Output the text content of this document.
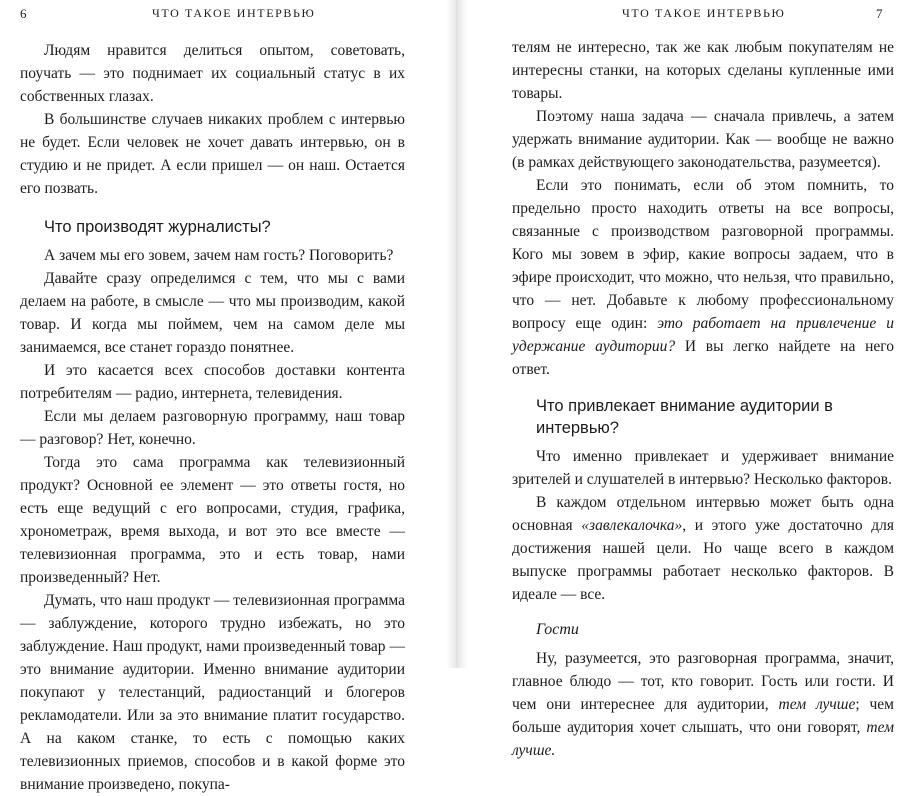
6	ЧТО ТАКОЕ ИНТЕРВЬЮ

Людям нравится делиться опытом, советовать, поучать — это поднимает их социальный статус в их собственных глазах.

В большинстве случаев никаких проблем с интервью не будет. Если человек не хочет давать интервью, он в студию и не придет. А если пришел — он наш. Остается его позвать.

Что производят журналисты?

А зачем мы его зовем, зачем нам гость? Поговорить?

Давайте сразу определимся с тем, что мы с вами делаем на работе, в смысле — что мы производим, какой товар. И когда мы поймем, чем на самом деле мы занимаемся, все станет гораздо понятнее.

И это касается всех способов доставки контента потребителям — радио, интернета, телевидения.

Если мы делаем разговорную программу, наш товар — разговор? Нет, конечно.

Тогда это сама программа как телевизионный продукт? Основной ее элемент — это ответы гостя, но есть еще ведущий с его вопросами, студия, графика, хронометраж, время выхода, и вот это все вместе — телевизионная программа, это и есть товар, нами произведенный? Нет.

Думать, что наш продукт — телевизионная программа — заблуждение, которого трудно избежать, но это заблуждение. Наш продукт, нами произведенный товар — это внимание аудитории. Именно внимание аудитории покупают у телестанций, радиостанций и блогеров рекламодатели. Или за это внимание платит государство. А на каком станке, то есть с помощью каких телевизионных приемов, способов и в какой форме это внимание произведено, покупа-

ЧТО ТАКОЕ ИНТЕРВЬЮ	7

телям не интересно, так же как любым покупателям не интересны станки, на которых сделаны купленные ими товары.

Поэтому наша задача — сначала привлечь, а затем удержать внимание аудитории. Как — вообще не важно (в рамках действующего законодательства, разумеется).

Если это понимать, если об этом помнить, то предельно просто находить ответы на все вопросы, связанные с производством разговорной программы. Кого мы зовем в эфир, какие вопросы задаем, что в эфире происходит, что можно, что нельзя, что правильно, что — нет. Добавьте к любому профессиональному вопросу еще один: это работает на привлечение и удержание аудитории? И вы легко найдете на него ответ.

Что привлекает внимание аудитории в интервью?

Что именно привлекает и удерживает внимание зрителей и слушателей в интервью? Несколько факторов.

В каждом отдельном интервью может быть одна основная «завлекалочка», и этого уже достаточно для достижения нашей цели. Но чаще всего в каждом выпуске программы работает несколько факторов. В идеале — все.

Гости

Ну, разумеется, это разговорная программа, значит, главное блюдо — тот, кто говорит. Гость или гости. И чем они интереснее для аудитории, тем лучше; чем больше аудитория хочет слышать, что они говорят, тем лучше.
